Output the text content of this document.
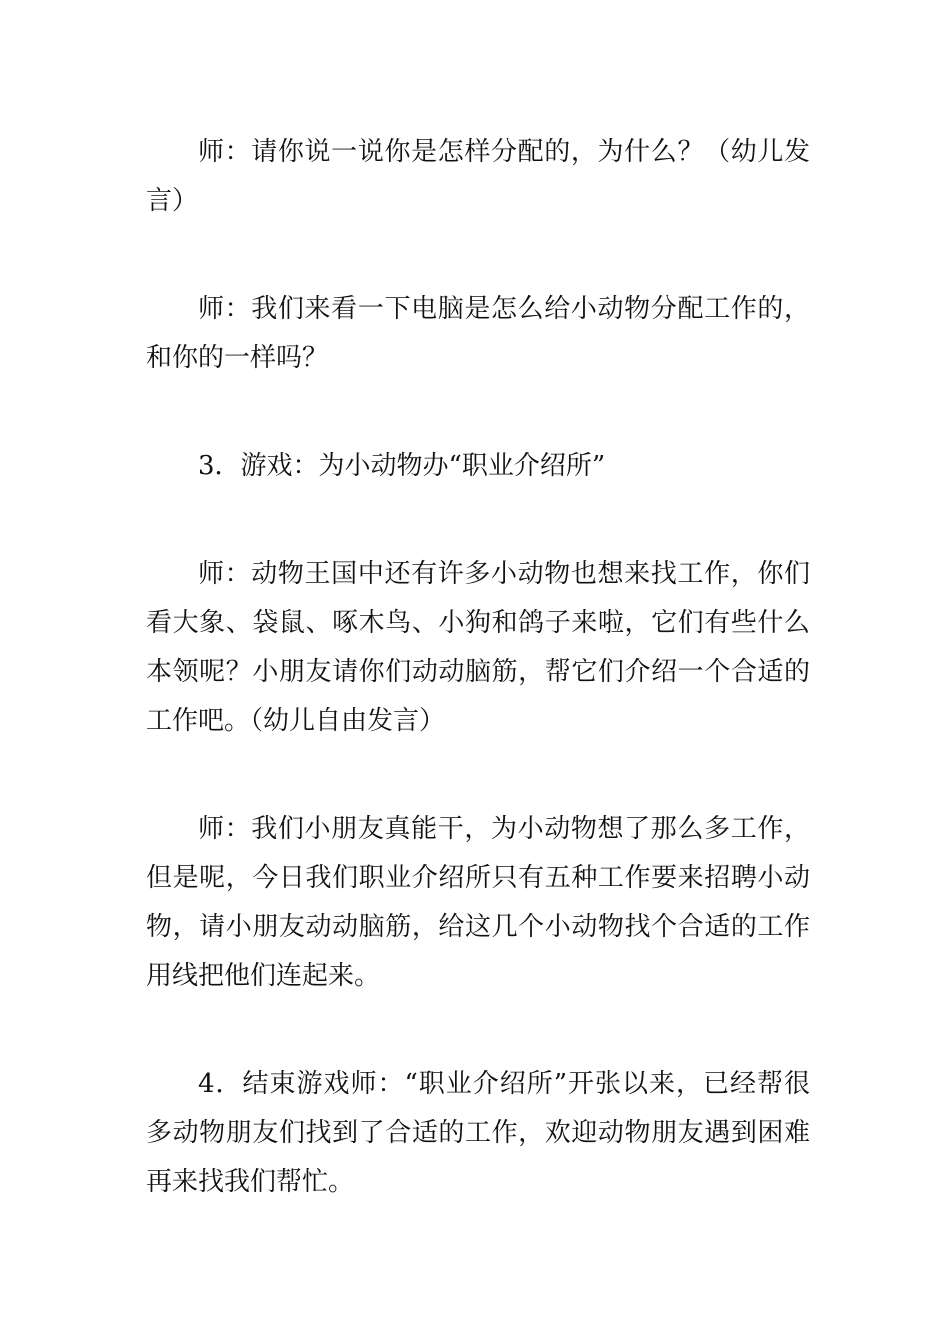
师：请你说一说你是怎样分配的，为什么？（幼儿发言）

师：我们来看一下电脑是怎么给小动物分配工作的，和你的一样吗？

3．游戏：为小动物办“职业介绍所”

师：动物王国中还有许多小动物也想来找工作，你们看大象、袋鼠、啄木鸟、小狗和鸽子来啦，它们有些什么本领呢？小朋友请你们动动脑筋，帮它们介绍一个合适的工作吧。（幼儿自由发言）

师：我们小朋友真能干，为小动物想了那么多工作，但是呢，今日我们职业介绍所只有五种工作要来招聘小动物，请小朋友动动脑筋，给这几个小动物找个合适的工作用线把他们连起来。

4．结束游戏师：“职业介绍所”开张以来，已经帮很多动物朋友们找到了合适的工作，欢迎动物朋友遇到困难再来找我们帮忙。
